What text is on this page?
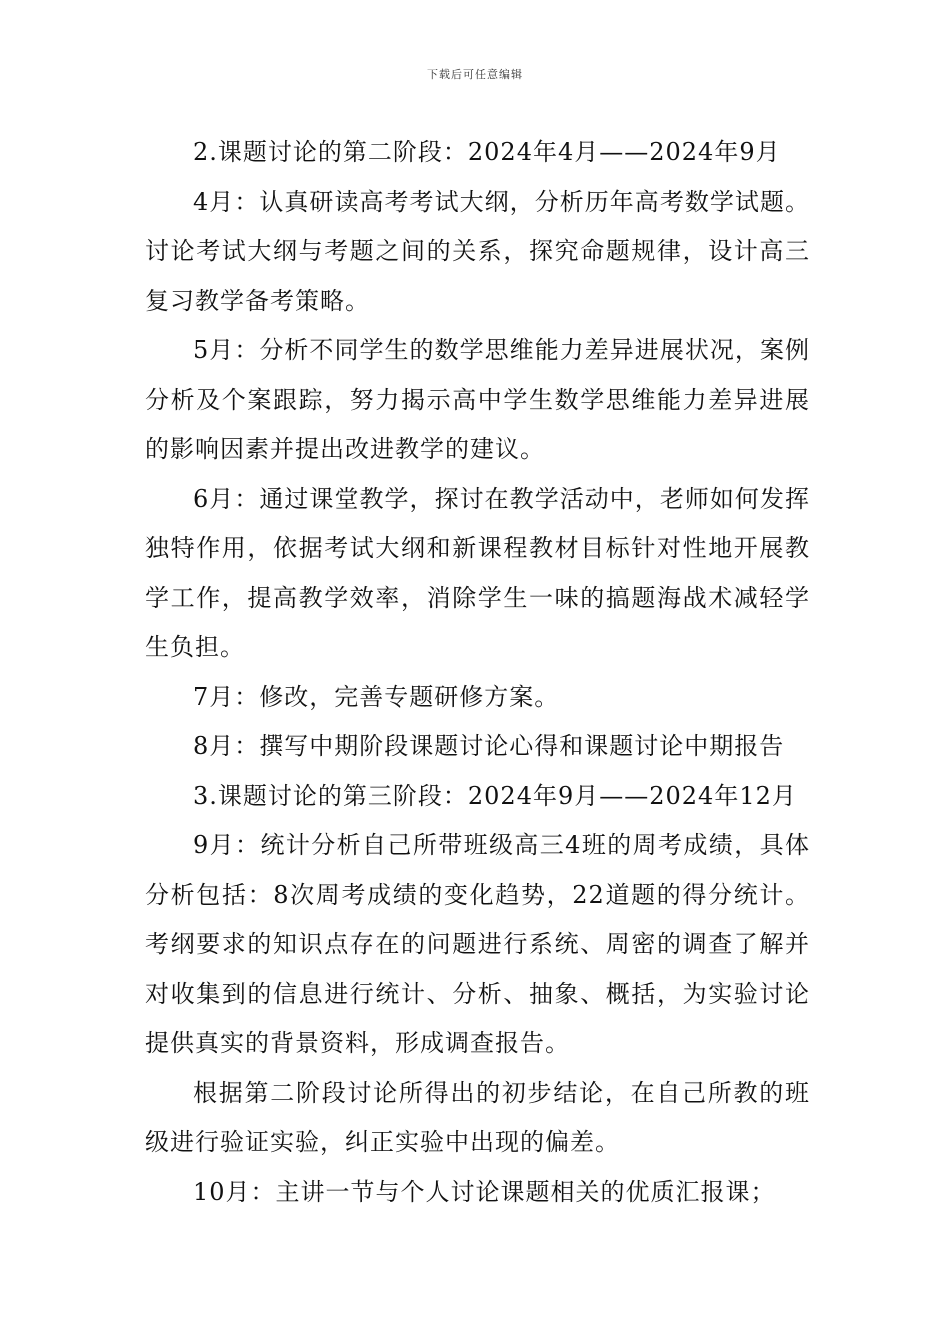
下载后可任意编辑

2.课题讨论的第二阶段：2024年4月——2024年9月

4月：认真研读高考考试大纲，分析历年高考数学试题。讨论考试大纲与考题之间的关系，探究命题规律，设计高三复习教学备考策略。

5月：分析不同学生的数学思维能力差异进展状况，案例分析及个案跟踪，努力揭示高中学生数学思维能力差异进展的影响因素并提出改进教学的建议。

6月：通过课堂教学，探讨在教学活动中，老师如何发挥独特作用，依据考试大纲和新课程教材目标针对性地开展教学工作，提高教学效率，消除学生一味的搞题海战术减轻学生负担。

7月：修改，完善专题研修方案。

8月：撰写中期阶段课题讨论心得和课题讨论中期报告

3.课题讨论的第三阶段：2024年9月——2024年12月

9月：统计分析自己所带班级高三4班的周考成绩，具体分析包括：8次周考成绩的变化趋势，22道题的得分统计。考纲要求的知识点存在的问题进行系统、周密的调查了解并对收集到的信息进行统计、分析、抽象、概括，为实验讨论提供真实的背景资料，形成调查报告。

根据第二阶段讨论所得出的初步结论，在自己所教的班级进行验证实验，纠正实验中出现的偏差。

10月：主讲一节与个人讨论课题相关的优质汇报课；
